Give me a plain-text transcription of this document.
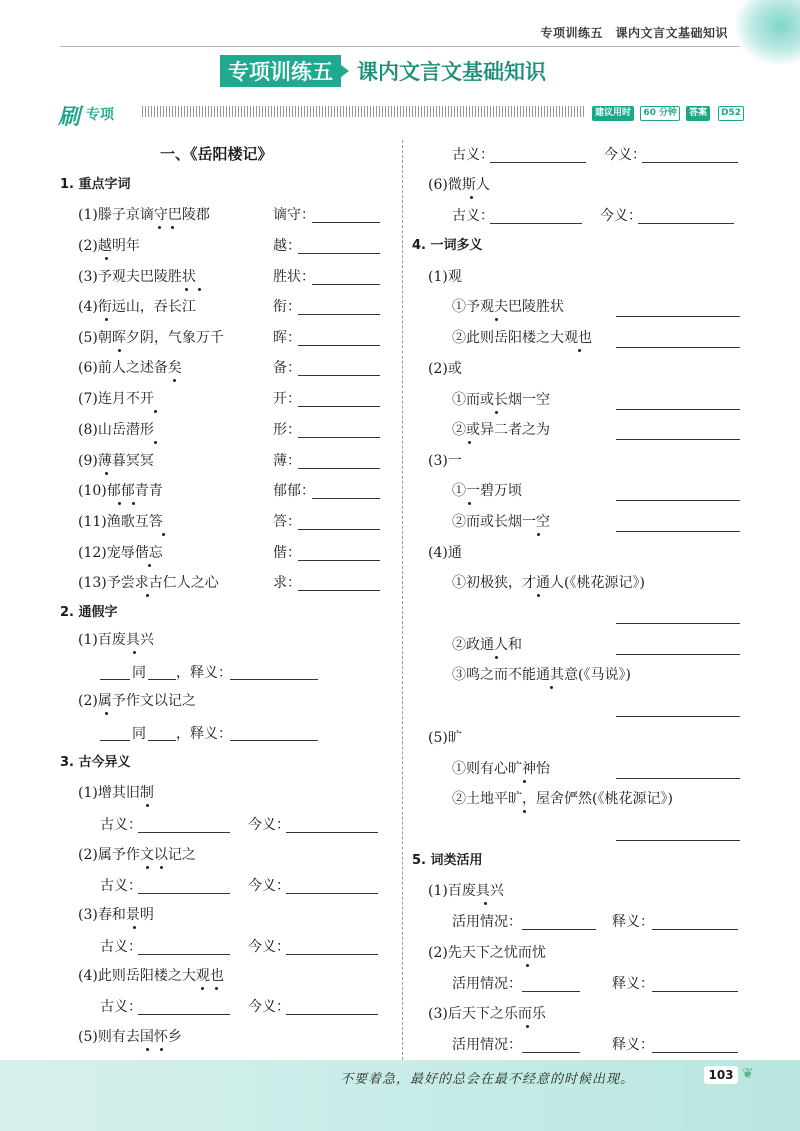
专项训练五　课内文言文基础知识
专项训练五	课内文言文基础知识
刷 专项	建议用时	60 分钟	答案	D52
一、《岳阳楼记》
1. 重点字词
(1)滕子京谪守巴陵郡	谪守：
(2)越明年	越：
(3)予观夫巴陵胜状	胜状：
(4)衔远山，吞长江	衔：
(5)朝晖夕阴，气象万千	晖：
(6)前人之述备矣	备：
(7)连月不开	开：
(8)山岳潜形	形：
(9)薄暮冥冥	薄：
(10)郁郁青青	郁郁：
(11)渔歌互答	答：
(12)宠辱偕忘	偕：
(13)予尝求古仁人之心	求：
2. 通假字
(1)百废具兴
同 ，释义：
(2)属予作文以记之
同 ，释义：
3. 古今异义
(1)增其旧制
古义：	今义：
(2)属予作文以记之
古义：	今义：
(3)春和景明
古义：	今义：
(4)此则岳阳楼之大观也
古义：	今义：
(5)则有去国怀乡
古义：	今义：
(6)微斯人
古义：	今义：
4. 一词多义
(1)观
①予观夫巴陵胜状
②此则岳阳楼之大观也
(2)或
①而或长烟一空
②或异二者之为
(3)一
①一碧万顷
②而或长烟一空
(4)通
①初极狭，才通人(《桃花源记》)
②政通人和
③鸣之而不能通其意(《马说》)
(5)旷
①则有心旷神怡
②土地平旷，屋舍俨然(《桃花源记》)
5. 词类活用
(1)百废具兴
活用情况：	释义：
(2)先天下之忧而忧
活用情况：	释义：
(3)后天下之乐而乐
活用情况：	释义：
不要着急，最好的总会在最不经意的时候出现。	103 ❦
